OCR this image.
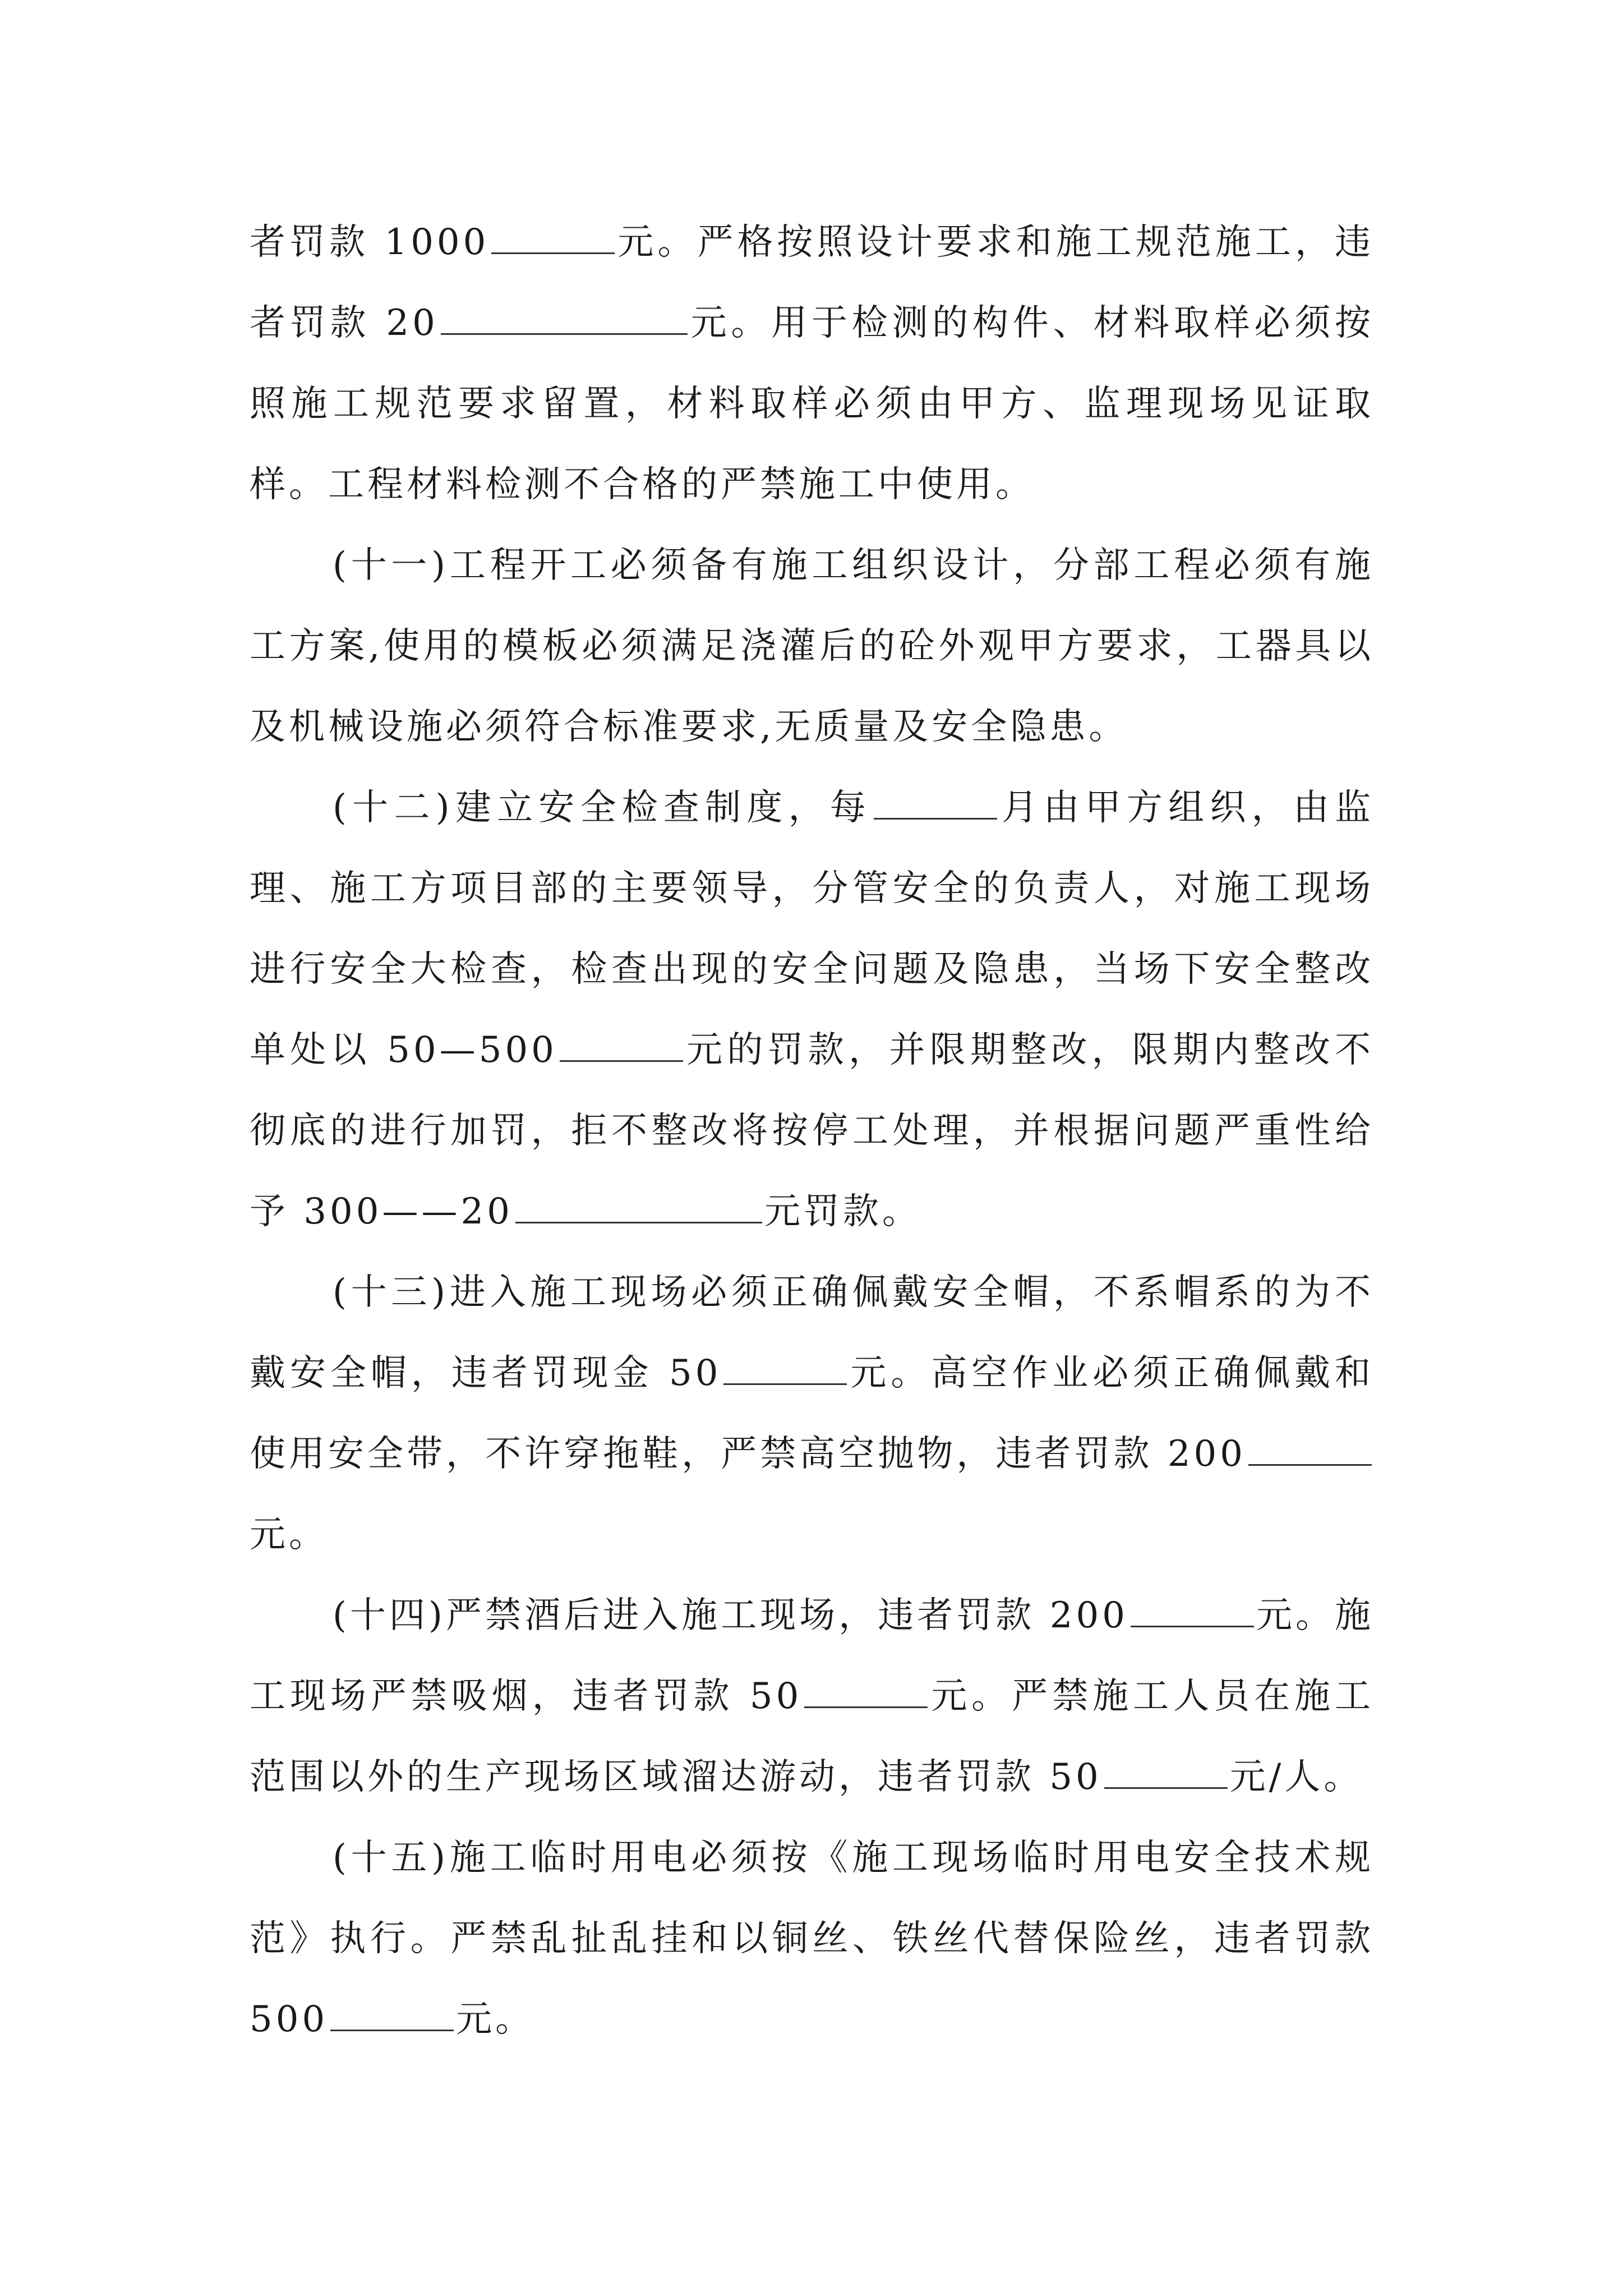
者罚款 1000	元。严格按照设计要求和施工规范施工，违者罚款 20	元。用于检测的构件、材料取样必须按照施工规范要求留置，材料取样必须由甲方、监理现场见证取样。工程材料检测不合格的严禁施工中使用。

(十一)工程开工必须备有施工组织设计，分部工程必须有施工方案,使用的模板必须满足浇灌后的砼外观甲方要求，工器具以及机械设施必须符合标准要求,无质量及安全隐患。

(十二)建立安全检查制度，每	月由甲方组织，由监理、施工方项目部的主要领导，分管安全的负责人，对施工现场进行安全大检查，检查出现的安全问题及隐患，当场下安全整改单处以 50—500	元的罚款，并限期整改，限期内整改不彻底的进行加罚，拒不整改将按停工处理，并根据问题严重性给予 300——20	元罚款。

(十三)进入施工现场必须正确佩戴安全帽，不系帽系的为不戴安全帽，违者罚现金 50	元。高空作业必须正确佩戴和使用安全带，不许穿拖鞋，严禁高空抛物，违者罚款 200元。

(十四)严禁酒后进入施工现场，违者罚款 200	元。施工现场严禁吸烟，违者罚款 50	元。严禁施工人员在施工范围以外的生产现场区域溜达游动，违者罚款 50	元/人。

(十五)施工临时用电必须按《施工现场临时用电安全技术规范》执行。严禁乱扯乱挂和以铜丝、铁丝代替保险丝，违者罚款 500	元。
